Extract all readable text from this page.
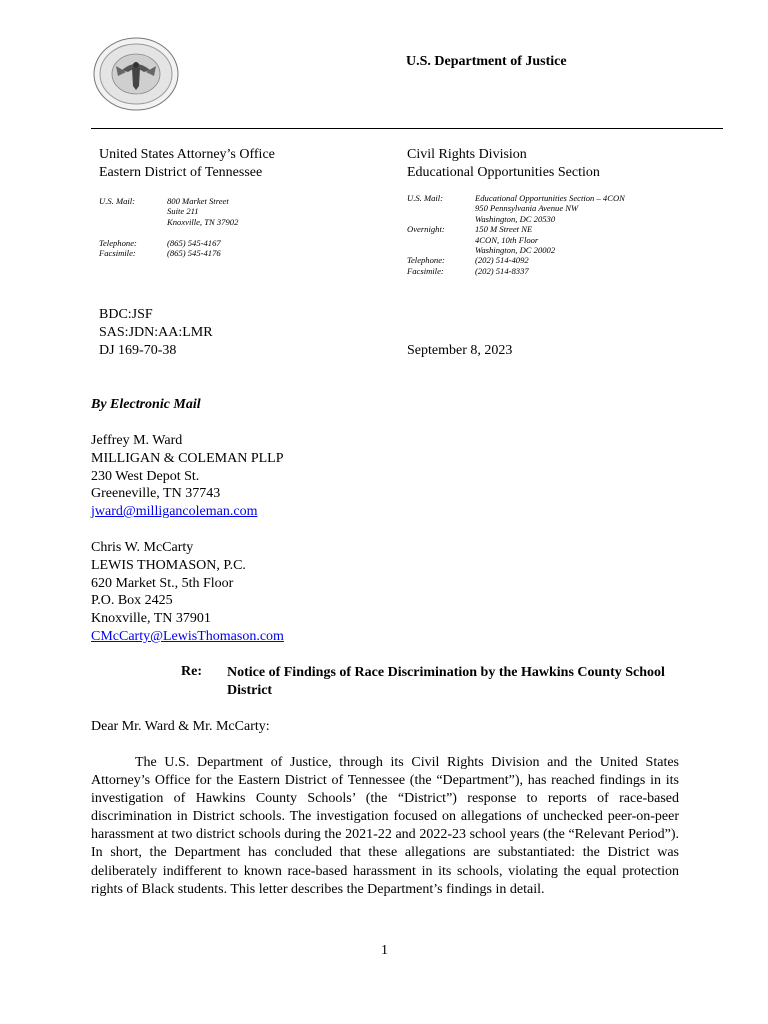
U.S. Department of Justice
United States Attorney’s Office
Eastern District of Tennessee
U.S. Mail:	800 Market Street
Suite 211
Knoxville, TN 37902
Telephone:	(865) 545-4167
Facsimile:	(865) 545-4176
Civil Rights Division
Educational Opportunities Section
U.S. Mail:	Educational Opportunities Section – 4CON
950 Pennsylvania Avenue NW
Washington, DC 20530
Overnight:	150 M Street NE
4CON, 10th Floor
Washington, DC 20002
Telephone:	(202) 514-4092
Facsimile:	(202) 514-8337
BDC:JSF
SAS:JDN:AA:LMR
DJ 169-70-38	September 8, 2023
By Electronic Mail
Jeffrey M. Ward
MILLIGAN & COLEMAN PLLP
230 West Depot St.
Greeneville, TN 37743
jward@milligancoleman.com
Chris W. McCarty
LEWIS THOMASON, P.C.
620 Market St., 5th Floor
P.O. Box 2425
Knoxville, TN 37901
CMcCarty@LewisThomason.com
Re: Notice of Findings of Race Discrimination by the Hawkins County School District
Dear Mr. Ward & Mr. McCarty:
The U.S. Department of Justice, through its Civil Rights Division and the United States Attorney’s Office for the Eastern District of Tennessee (the “Department”), has reached findings in its investigation of Hawkins County Schools’ (the “District”) response to reports of race-based discrimination in District schools. The investigation focused on allegations of unchecked peer-on-peer harassment at two district schools during the 2021-22 and 2022-23 school years (the “Relevant Period”). In short, the Department has concluded that these allegations are substantiated: the District was deliberately indifferent to known race-based harassment in its schools, violating the equal protection rights of Black students. This letter describes the Department’s findings in detail.
1
